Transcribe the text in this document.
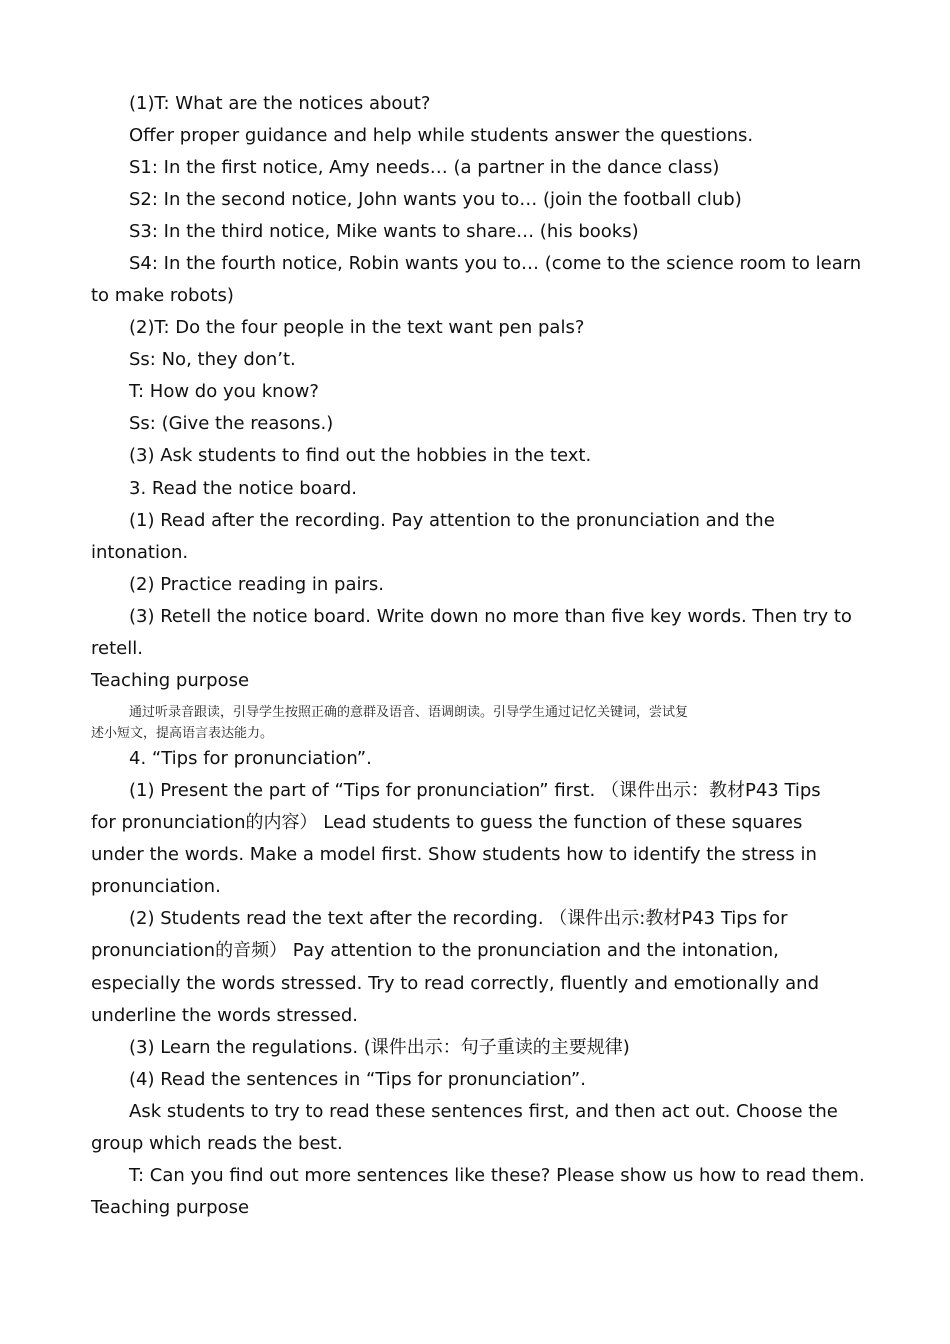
(1)T: What are the notices about?
Offer proper guidance and help while students answer the questions.
S1: In the first notice, Amy needs… (a partner in the dance class)
S2: In the second notice, John wants you to… (join the football club)
S3: In the third notice, Mike wants to share… (his books)
S4: In the fourth notice, Robin wants you to… (come to the science room to learn
to make robots)
(2)T: Do the four people in the text want pen pals?
Ss: No, they don’t.
T: How do you know?
Ss: (Give the reasons.)
(3) Ask students to find out the hobbies in the text.
3. Read the notice board.
(1) Read after the recording. Pay attention to the pronunciation and the
intonation.
(2) Practice reading in pairs.
(3) Retell the notice board. Write down no more than five key words. Then try to
retell.
Teaching purpose
通过听录音跟读，引导学生按照正确的意群及语音、语调朗读。引导学生通过记忆关键词，尝试复
述小短文，提高语言表达能力。
4. “Tips for pronunciation”.
(1) Present the part of “Tips for pronunciation” first. （课件出示：教材P43 Tips
for pronunciation的内容） Lead students to guess the function of these squares
under the words. Make a model first. Show students how to identify the stress in
pronunciation.
(2) Students read the text after the recording. （课件出示:教材P43 Tips for
pronunciation的音频） Pay attention to the pronunciation and the intonation,
especially the words stressed. Try to read correctly, fluently and emotionally and
underline the words stressed.
(3) Learn the regulations. (课件出示：句子重读的主要规律)
(4) Read the sentences in “Tips for pronunciation”.
Ask students to try to read these sentences first, and then act out. Choose the
group which reads the best.
T: Can you find out more sentences like these? Please show us how to read them.
Teaching purpose
